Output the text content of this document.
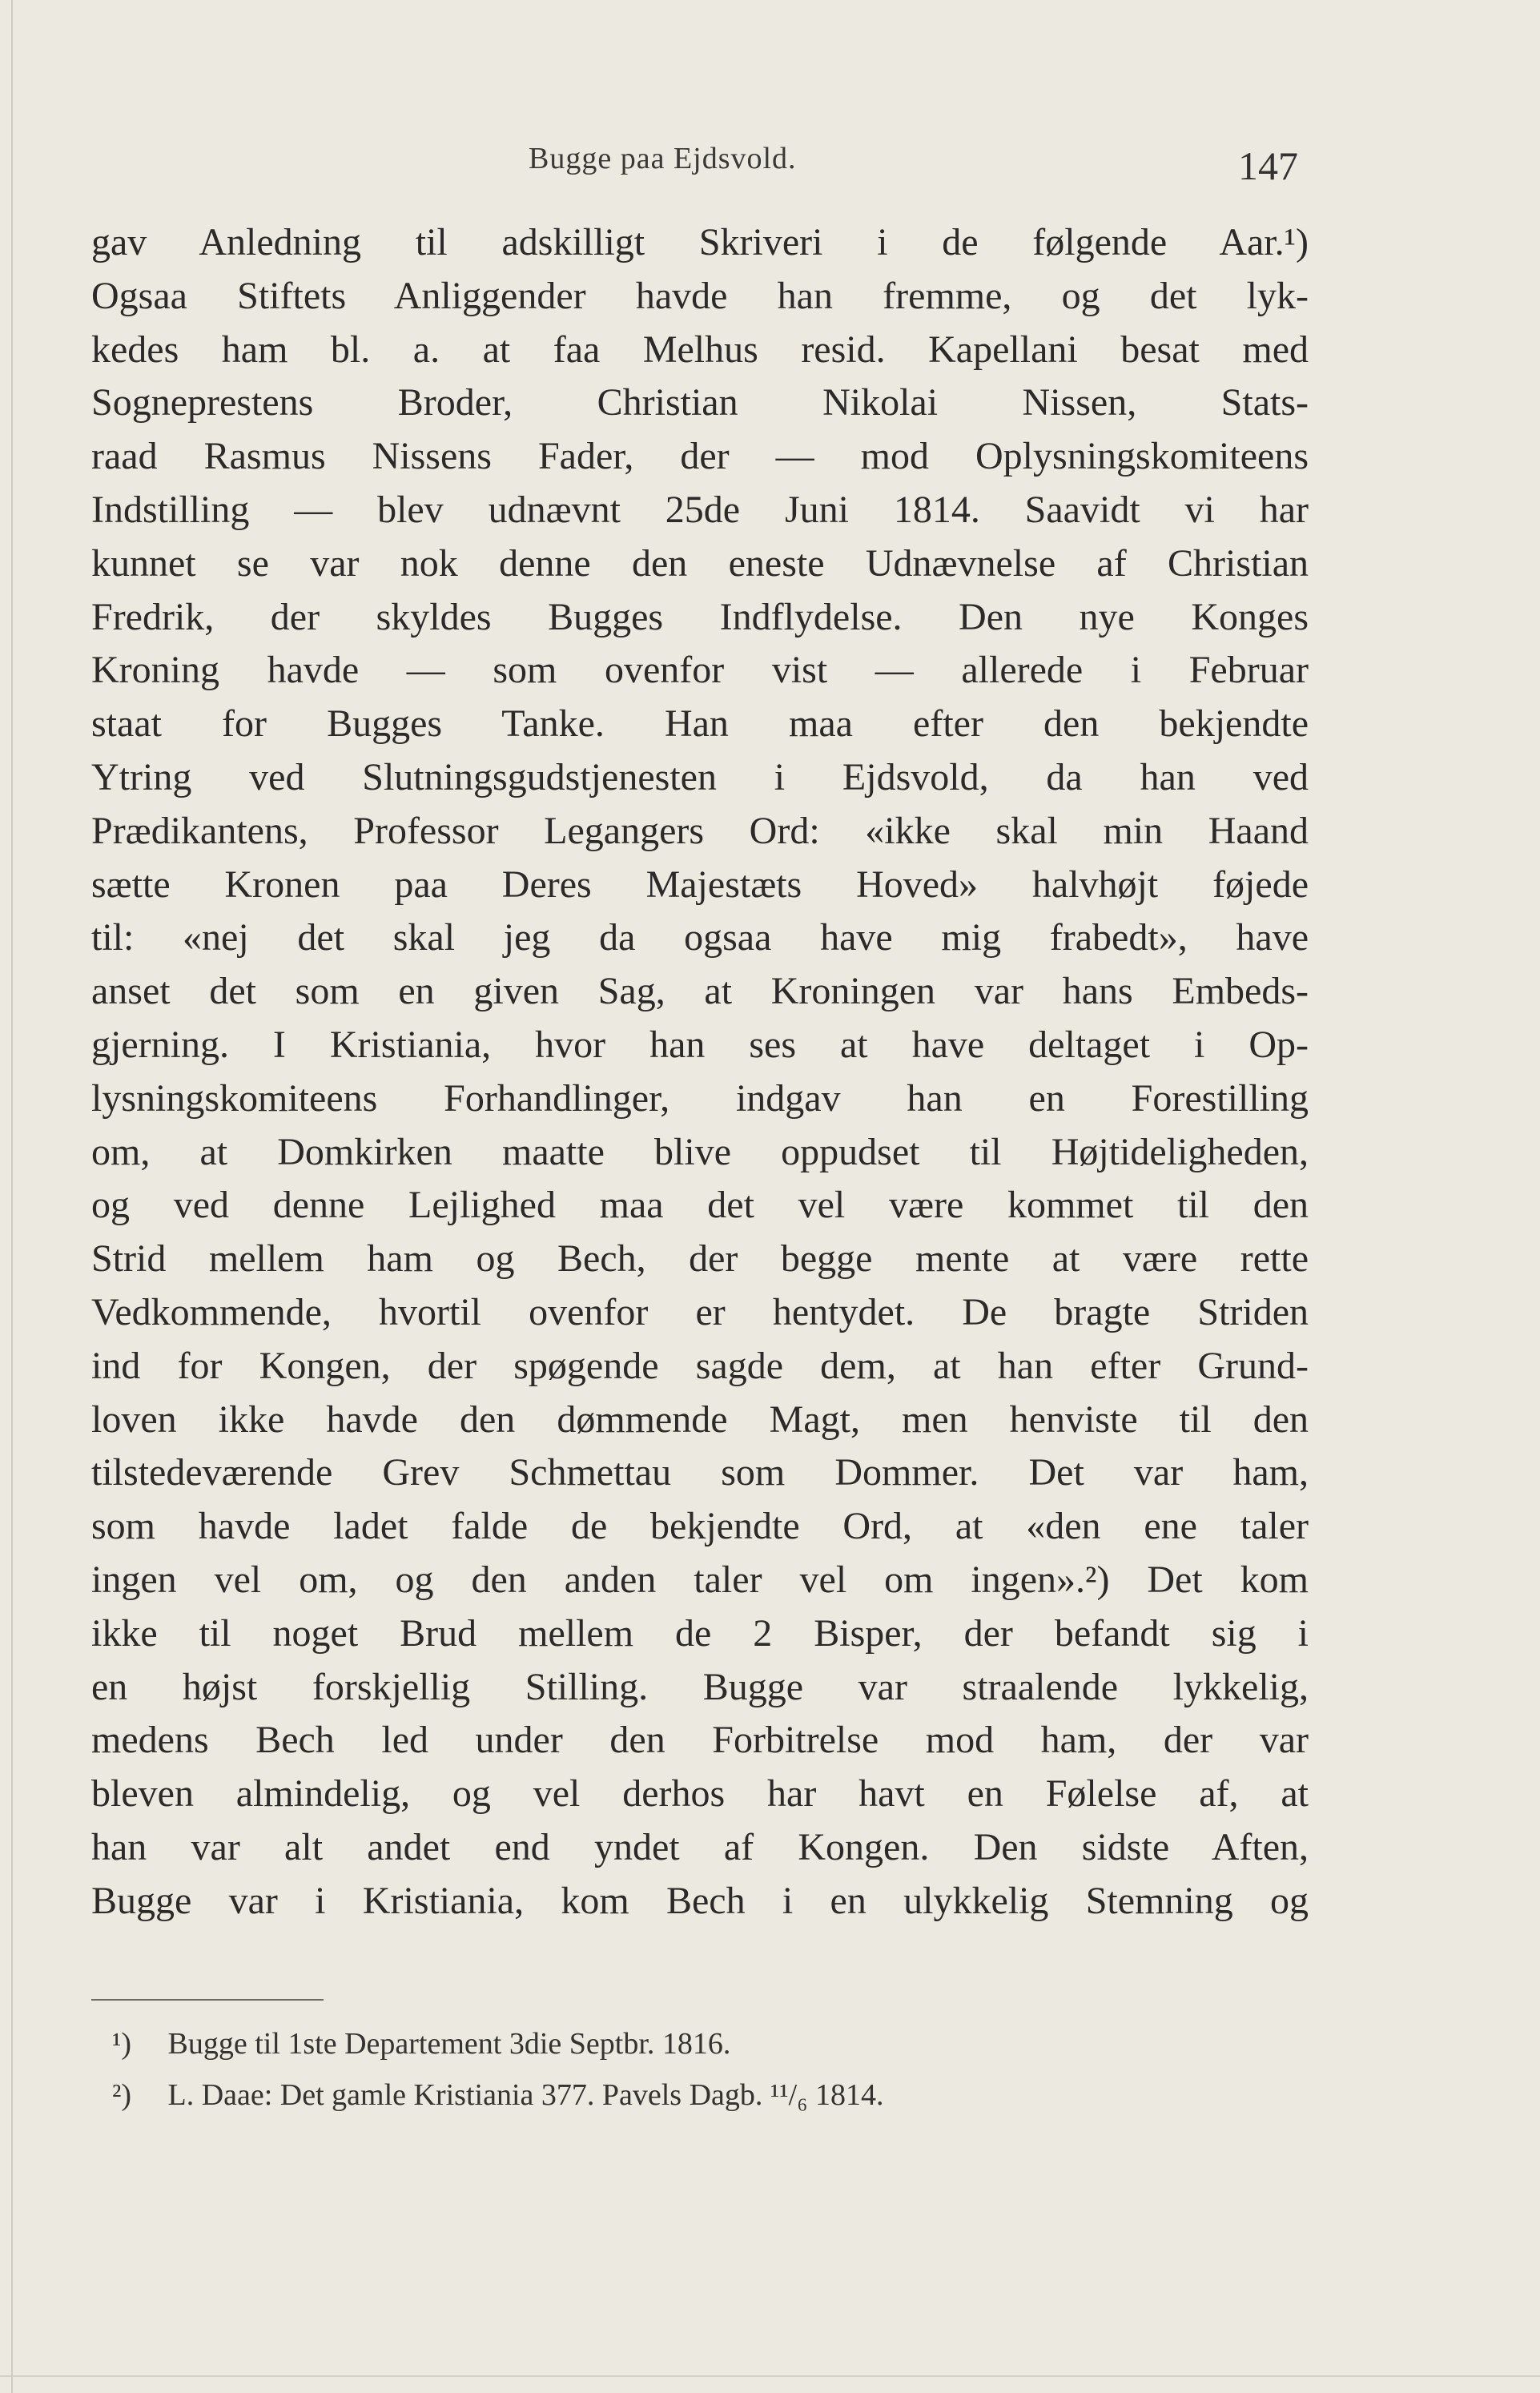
Bugge paa Ejdsvold.	147
gav Anledning til adskilligt Skriveri i de følgende Aar.¹)
Ogsaa Stiftets Anliggender havde han fremme, og det lyk-
kedes ham bl. a. at faa Melhus resid. Kapellani besat med
Sogneprestens Broder, Christian Nikolai Nissen, Stats-
raad Rasmus Nissens Fader, der — mod Oplysningskomiteens
Indstilling — blev udnævnt 25de Juni 1814. Saavidt vi har
kunnet se var nok denne den eneste Udnævnelse af Christian
Fredrik, der skyldes Bugges Indflydelse. Den nye Konges
Kroning havde — som ovenfor vist — allerede i Februar
staat for Bugges Tanke. Han maa efter den bekjendte
Ytring ved Slutningsgudstjenesten i Ejdsvold, da han ved
Prædikantens, Professor Legangers Ord: «ikke skal min Haand
sætte Kronen paa Deres Majestæts Hoved» halvhøjt føjede
til: «nej det skal jeg da ogsaa have mig frabedt», have
anset det som en given Sag, at Kroningen var hans Embeds-
gjerning. I Kristiania, hvor han ses at have deltaget i Op-
lysningskomiteens Forhandlinger, indgav han en Forestilling
om, at Domkirken maatte blive oppudset til Højtideligheden,
og ved denne Lejlighed maa det vel være kommet til den
Strid mellem ham og Bech, der begge mente at være rette
Vedkommende, hvortil ovenfor er hentydet. De bragte Striden
ind for Kongen, der spøgende sagde dem, at han efter Grund-
loven ikke havde den dømmende Magt, men henviste til den
tilstedeværende Grev Schmettau som Dommer. Det var ham,
som havde ladet falde de bekjendte Ord, at «den ene taler
ingen vel om, og den anden taler vel om ingen».²) Det kom
ikke til noget Brud mellem de 2 Bisper, der befandt sig i
en højst forskjellig Stilling. Bugge var straalende lykkelig,
medens Bech led under den Forbitrelse mod ham, der var
bleven almindelig, og vel derhos har havt en Følelse af, at
han var alt andet end yndet af Kongen. Den sidste Aften,
Bugge var i Kristiania, kom Bech i en ulykkelig Stemning og
¹) Bugge til 1ste Departement 3die Septbr. 1816.
²) L. Daae: Det gamle Kristiania 377. Pavels Dagb. ¹¹/₆ 1814.
